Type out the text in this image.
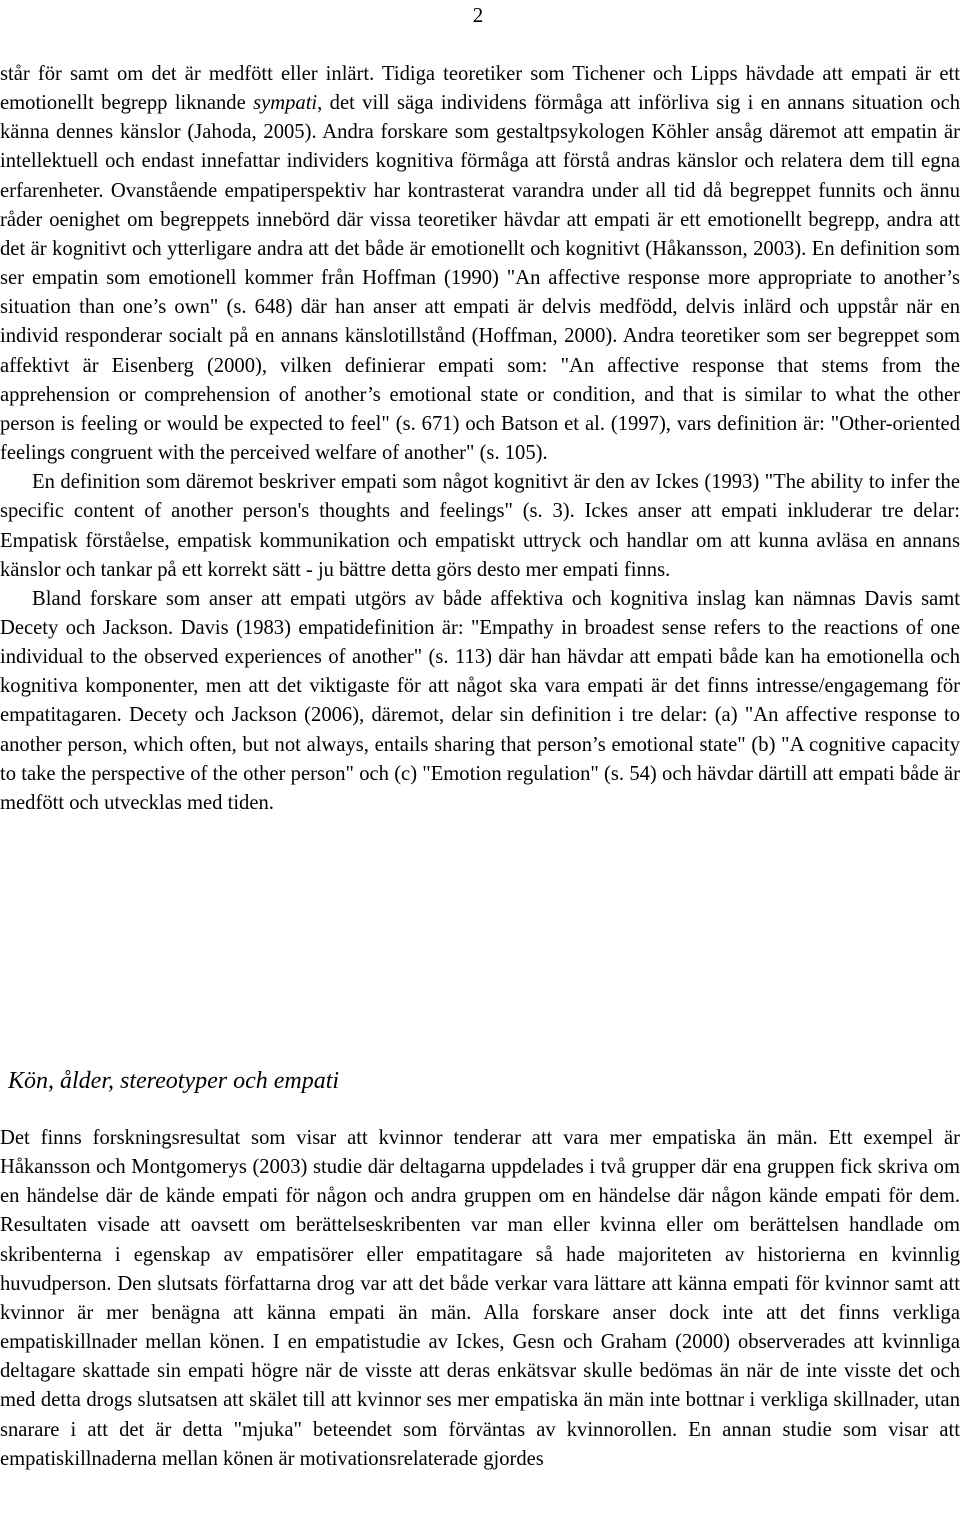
2

står för samt om det är medfött eller inlärt. Tidiga teoretiker som Tichener och Lipps hävdade att empati är ett emotionellt begrepp liknande sympati, det vill säga individens förmåga att införliva sig i en annans situation och känna dennes känslor (Jahoda, 2005). Andra forskare som gestaltpsykologen Köhler ansåg däremot att empatin är intellektuell och endast innefattar individers kognitiva förmåga att förstå andras känslor och relatera dem till egna erfarenheter. Ovanstående empatiperspektiv har kontrasterat varandra under all tid då begreppet funnits och ännu råder oenighet om begreppets innebörd där vissa teoretiker hävdar att empati är ett emotionellt begrepp, andra att det är kognitivt och ytterligare andra att det både är emotionellt och kognitivt (Håkansson, 2003). En definition som ser empatin som emotionell kommer från Hoffman (1990) "An affective response more appropriate to another’s situation than one’s own" (s. 648) där han anser att empati är delvis medfödd, delvis inlärd och uppstår när en individ responderar socialt på en annans känslotillstånd (Hoffman, 2000). Andra teoretiker som ser begreppet som affektivt är Eisenberg (2000), vilken definierar empati som: "An affective response that stems from the apprehension or comprehension of another’s emotional state or condition, and that is similar to what the other person is feeling or would be expected to feel" (s. 671) och Batson et al. (1997), vars definition är: "Other-oriented feelings congruent with the perceived welfare of another" (s. 105).

En definition som däremot beskriver empati som något kognitivt är den av Ickes (1993) "The ability to infer the specific content of another person's thoughts and feelings" (s. 3). Ickes anser att empati inkluderar tre delar: Empatisk förståelse, empatisk kommunikation och empatiskt uttryck och handlar om att kunna avläsa en annans känslor och tankar på ett korrekt sätt - ju bättre detta görs desto mer empati finns.

Bland forskare som anser att empati utgörs av både affektiva och kognitiva inslag kan nämnas Davis samt Decety och Jackson. Davis (1983) empatidefinition är: "Empathy in broadest sense refers to the reactions of one individual to the observed experiences of another" (s. 113) där han hävdar att empati både kan ha emotionella och kognitiva komponenter, men att det viktigaste för att något ska vara empati är det finns intresse/engagemang för empatitagaren. Decety och Jackson (2006), däremot, delar sin definition i tre delar: (a) "An affective response to another person, which often, but not always, entails sharing that person’s emotional state" (b) "A cognitive capacity to take the perspective of the other person" och (c) "Emotion regulation" (s. 54) och hävdar därtill att empati både är medfött och utvecklas med tiden.

Kön, ålder, stereotyper och empati

Det finns forskningsresultat som visar att kvinnor tenderar att vara mer empatiska än män. Ett exempel är Håkansson och Montgomerys (2003) studie där deltagarna uppdelades i två grupper där ena gruppen fick skriva om en händelse där de kände empati för någon och andra gruppen om en händelse där någon kände empati för dem. Resultaten visade att oavsett om berättelseskribenten var man eller kvinna eller om berättelsen handlade om skribenterna i egenskap av empatisörer eller empatitagare så hade majoriteten av historierna en kvinnlig huvudperson. Den slutsats författarna drog var att det både verkar vara lättare att känna empati för kvinnor samt att kvinnor är mer benägna att känna empati än män. Alla forskare anser dock inte att det finns verkliga empatiskillnader mellan könen. I en empatistudie av Ickes, Gesn och Graham (2000) observerades att kvinnliga deltagare skattade sin empati högre när de visste att deras enkätsvar skulle bedömas än när de inte visste det och med detta drogs slutsatsen att skälet till att kvinnor ses mer empatiska än män inte bottnar i verkliga skillnader, utan snarare i att det är detta "mjuka" beteendet som förväntas av kvinnorollen. En annan studie som visar att empatiskillnaderna mellan könen är motivationsrelaterade gjordes
